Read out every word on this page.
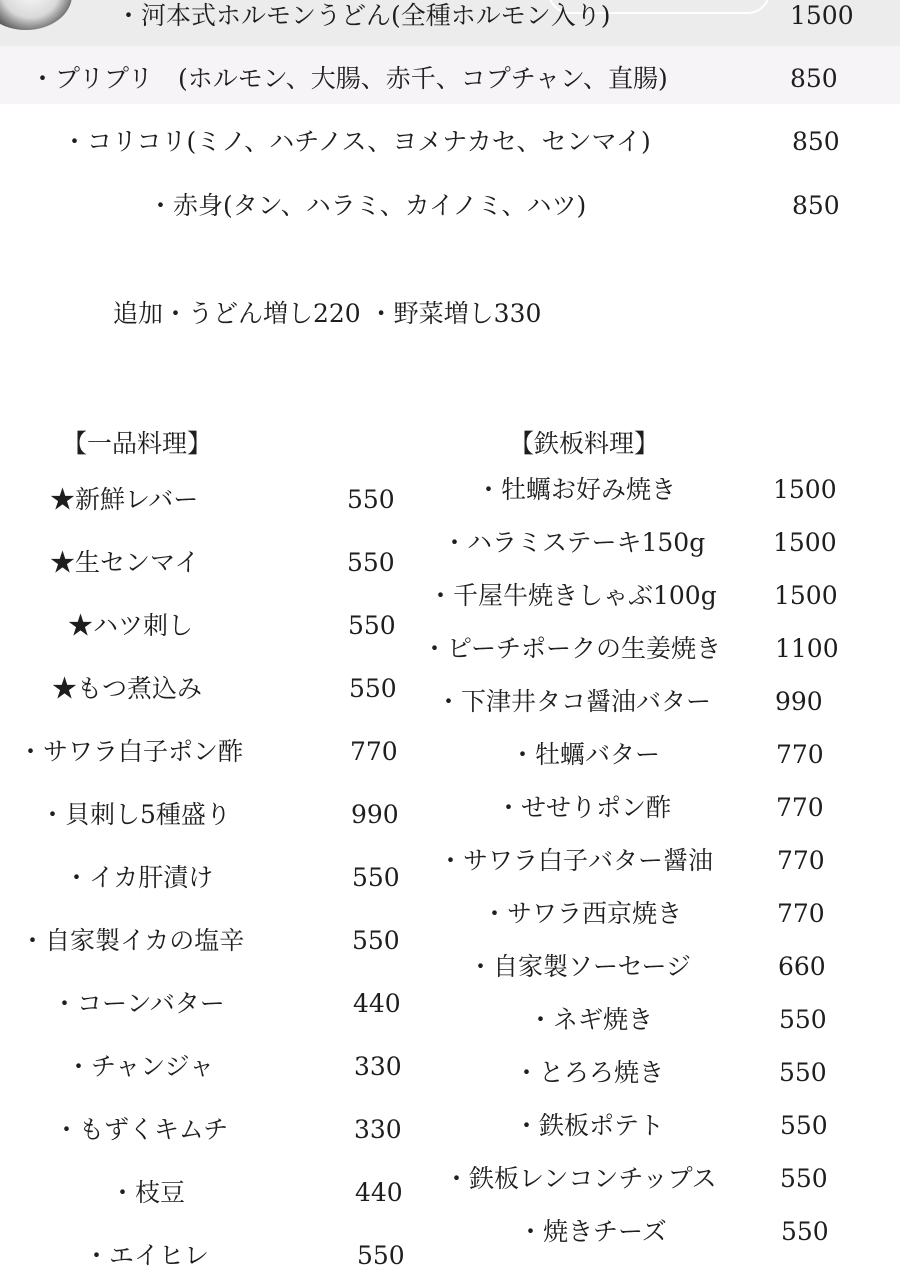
・河本式ホルモンうどん(全種ホルモン入り)	1500
・プリプリ　(ホルモン、大腸、赤千、コプチャン、直腸)	850
・コリコリ(ミノ、ハチノス、ヨメナカセ、センマイ)	850
・赤身(タン、ハラミ、カイノミ、ハツ)	850
追加・うどん増し220 ・野菜増し330
【一品料理】
★新鮮レバー	550
★生センマイ	550
★ハツ刺し	550
★もつ煮込み	550
・サワラ白子ポン酢	770
・貝刺し5種盛り	990
・イカ肝漬け	550
・自家製イカの塩辛	550
・コーンバター	440
・チャンジャ	330
・もずくキムチ	330
・枝豆	440
・エイヒレ	550
【鉄板料理】
・牡蠣お好み焼き	1500
・ハラミステーキ150g	1500
・千屋牛焼きしゃぶ100g 1500
・ピーチポークの生姜焼き 1100
・下津井タコ醤油バター	990
・牡蠣バター	770
・せせりポン酢	770
・サワラ白子バター醤油	770
・サワラ西京焼き	770
・自家製ソーセージ	660
・ネギ焼き	550
・とろろ焼き	550
・鉄板ポテト	550
・鉄板レンコンチップス	550
・焼きチーズ	550
